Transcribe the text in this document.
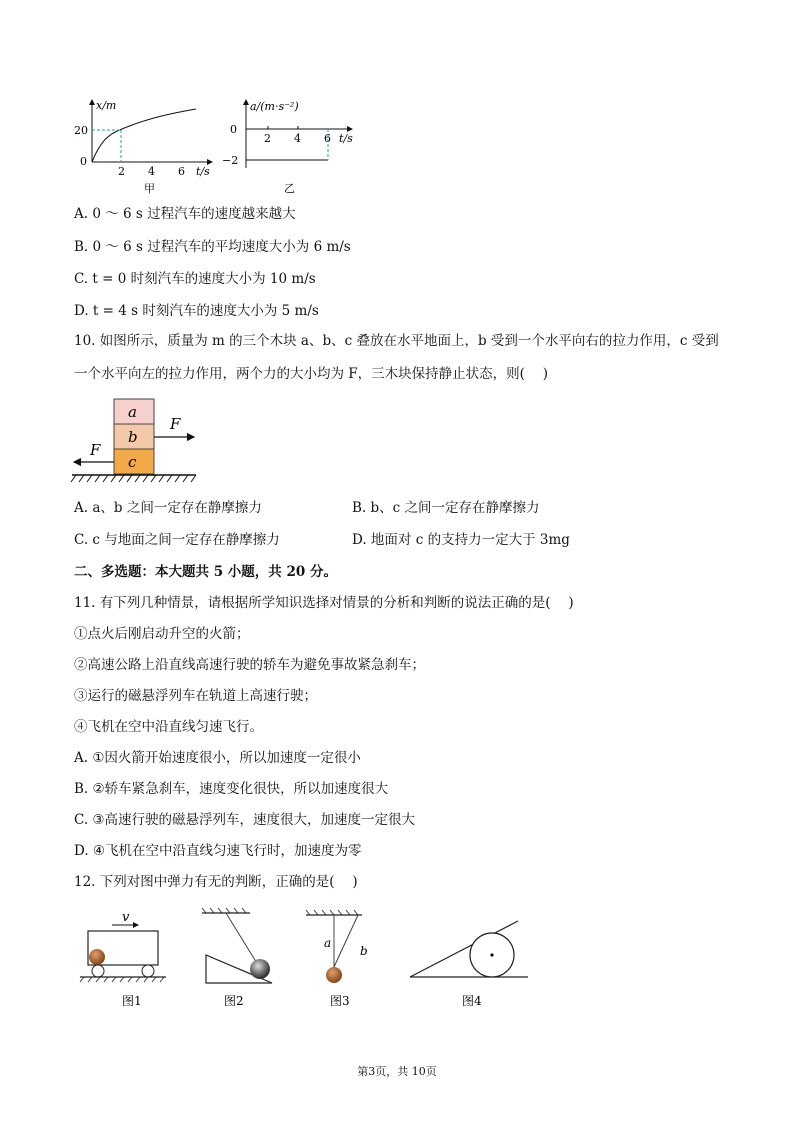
x/m
20
0
2 4 6 t/s
甲
a/(m·s⁻²)
0
−2
2 4 6 t/s
乙
A. 0 ～ 6 s 过程汽车的速度越来越大
B. 0 ～ 6 s 过程汽车的平均速度大小为 6 m/s
C. t = 0 时刻汽车的速度大小为 10 m/s
D. t = 4 s 时刻汽车的速度大小为 5 m/s
10. 如图所示，质量为 m 的三个木块 a、b、c 叠放在水平地面上，b 受到一个水平向右的拉力作用，c 受到
一个水平向左的拉力作用，两个力的大小均为 F，三木块保持静止状态，则(　 )
a
b
c
F
F
A. a、b 之间一定存在静摩擦力	B. b、c 之间一定存在静摩擦力
C. c 与地面之间一定存在静摩擦力	D. 地面对 c 的支持力一定大于 3mg
二、多选题：本大题共 5 小题，共 20 分。
11. 有下列几种情景，请根据所学知识选择对情景的分析和判断的说法正确的是(　 )
①点火后刚启动升空的火箭；
②高速公路上沿直线高速行驶的轿车为避免事故紧急刹车；
③运行的磁悬浮列车在轨道上高速行驶；
④飞机在空中沿直线匀速飞行。
A. ①因火箭开始速度很小，所以加速度一定很小
B. ②轿车紧急刹车，速度变化很快，所以加速度很大
C. ③高速行驶的磁悬浮列车，速度很大，加速度一定很大
D. ④飞机在空中沿直线匀速飞行时，加速度为零
12. 下列对图中弹力有无的判断，正确的是(　 )
v
图1	图2
a
b
图3	图4
第3页，共 10页
